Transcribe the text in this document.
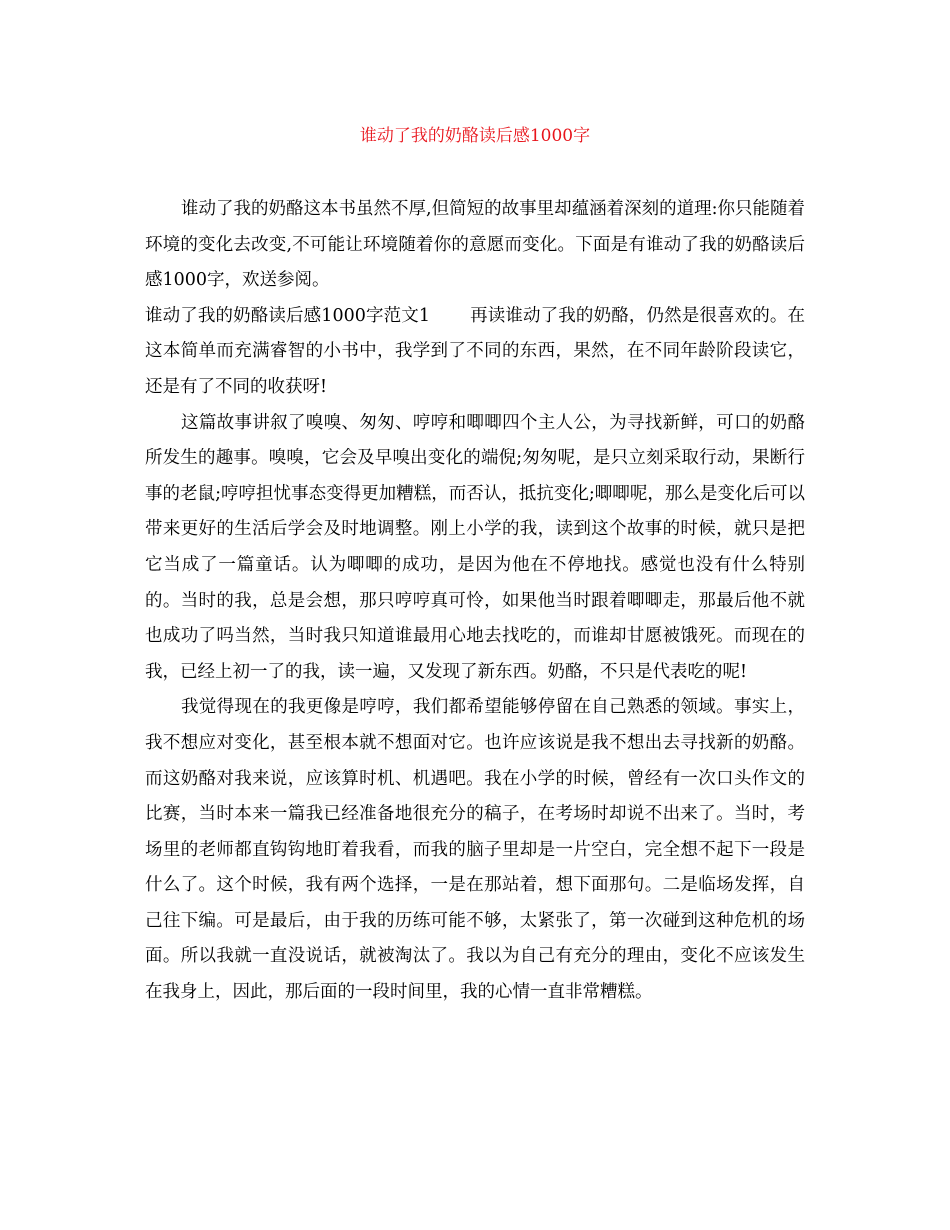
谁动了我的奶酪读后感1000字

谁动了我的奶酪这本书虽然不厚,但简短的故事里却蕴涵着深刻的道理:你只能随着环境的变化去改变,不可能让环境随着你的意愿而变化。下面是有谁动了我的奶酪读后感1000字，欢送参阅。

谁动了我的奶酪读后感1000字范文1 再读谁动了我的奶酪，仍然是很喜欢的。在这本简单而充满睿智的小书中，我学到了不同的东西，果然，在不同年龄阶段读它，还是有了不同的收获呀!

这篇故事讲叙了嗅嗅、匆匆、哼哼和唧唧四个主人公，为寻找新鲜，可口的奶酪所发生的趣事。嗅嗅，它会及早嗅出变化的端倪;匆匆呢，是只立刻采取行动，果断行事的老鼠;哼哼担忧事态变得更加糟糕，而否认，抵抗变化;唧唧呢，那么是变化后可以带来更好的生活后学会及时地调整。刚上小学的我，读到这个故事的时候，就只是把它当成了一篇童话。认为唧唧的成功，是因为他在不停地找。感觉也没有什么特别的。当时的我，总是会想，那只哼哼真可怜，如果他当时跟着唧唧走，那最后他不就也成功了吗当然，当时我只知道谁最用心地去找吃的，而谁却甘愿被饿死。而现在的我，已经上初一了的我，读一遍，又发现了新东西。奶酪，不只是代表吃的呢!

我觉得现在的我更像是哼哼，我们都希望能够停留在自己熟悉的领域。事实上，我不想应对变化，甚至根本就不想面对它。也许应该说是我不想出去寻找新的奶酪。而这奶酪对我来说，应该算时机、机遇吧。我在小学的时候，曾经有一次口头作文的比赛，当时本来一篇我已经准备地很充分的稿子，在考场时却说不出来了。当时，考场里的老师都直钩钩地盯着我看，而我的脑子里却是一片空白，完全想不起下一段是什么了。这个时候，我有两个选择，一是在那站着，想下面那句。二是临场发挥，自己往下编。可是最后，由于我的历练可能不够，太紧张了，第一次碰到这种危机的场面。所以我就一直没说话，就被淘汰了。我以为自己有充分的理由，变化不应该发生在我身上，因此，那后面的一段时间里，我的心情一直非常糟糕。
